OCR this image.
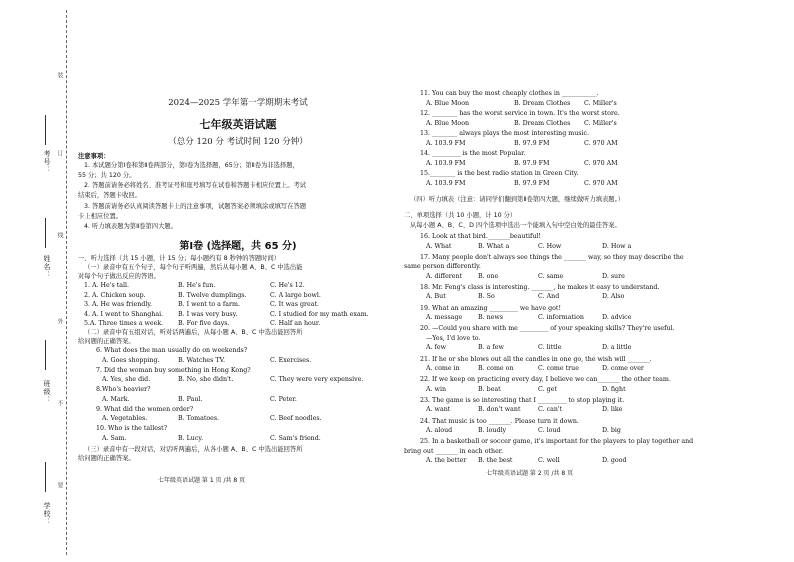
考号：
姓名：
班级：
学校：
装
订
线
外
不
要
2024—2025 学年第一学期期末考试
七年级英语试题
（总分 120 分 考试时间 120 分钟）
注意事项：
1. 本试题分第Ⅰ卷和第Ⅱ卷两部分，第Ⅰ卷为选择题，65分；第Ⅱ卷为非选择题，
55 分；共 120 分。
2. 答题前请务必将姓名、准考证号和座号填写在试卷和答题卡相应位置上。考试
结束后，答题卡收回。
3. 答题前请务必认真阅读答题卡上的注意事项，试题答案必须填涂或填写在答题
卡上相应位置。
4. 听力填表题为第Ⅱ卷第四大题。
第Ⅰ卷 (选择题，共 65 分)
一、听力选择（共 15 小题，计 15 分；每小题约有 8 秒钟的答题时间）
（一）录音中有五个句子，每个句子听两遍，然后从每小题 A、B、C 中选出能
对每个句子做出反应的答语。
1. A. He's tall.	B. He's fun.	C. He's 12.
2. A. Chicken soup.	B. Twelve dumplings.	C. A large bowl.
3. A. He was friendly.	B. I went to a farm.	C. It was great.
4. A. I went to Shanghai. B. I was very busy.	C. I studied for my math exam.
5.A. Three times a week. B. For five days.	C. Half an hour.
（二）录音中有五组对话，听对话两遍后，从每小题 A、B、C 中选出能回答所
给问题的正确答案。
6. What does the man usually do on weekends?
A. Goes shopping.	B. Watches TV.	C. Exercises.
7. Did the woman buy something in Hong Kong?
A. Yes, she did.	B. No, she didn't.	C. They were very expensive.
8.Who's heavier?
A. Mark.	B. Paul.	C. Peter.
9. What did the women order?
A. Vegetables.	B. Tomatoes.	C. Beef noodles.
10. Who is the tallest?
A. Sam.	B. Lucy.	C. Sam's friend.
（三）录音中有一段对话，对话听两遍后，从各小题 A、B、C 中选出能回答所
给问题的正确答案。
七年级英语试题 第 1 页 /共 8 页
11. You can buy the most cheaply clothes in ___________.
A. Blue Moon	B. Dream Clothes C. Miller's
12. ________ has the worst service in town. It's the worst store.
A. Blue Moon	B. Dream Clothes C. Miller's
13. ________ always plays the most interesting music.
A. 103.9 FM	B. 97.9 FM	C. 970 AM
14. _________ is the most Popular.
A. 103.9 FM	B. 97.9 FM	C. 970 AM
15.________ is the best radio station in Green City.
A. 103.9 FM	B. 97.9 FM	C. 970 AM
（四）听力填表（注意：请同学们翻到第Ⅱ卷第四大题，继续做听力填表题。）
二、单项选择（共 10 小题，计 10 分）
从每小题 A、B、C、D 四个选项中选出一个能填入句中空白处的最佳答案。
16. Look at that bird._______beautiful!
A. What	B. What a	C. How	D. How a
17. Many people don't always see things the _______ way, so they may describe the
same person differently.
A. different	B. one	C. same	D. sure
18. Mr. Feng's class is interesting. _______, he makes it easy to understand.
A. But	B. So	C. And	D. Also
19. What an amazing _________ we have got!
A. message	B. news	C. information	D. advice
20. —Could you share with me _________ of your speaking skills? They're useful.
—Yes, I'd love to.
A. few	B. a few	C. little	D. a little
21. If he or she blows out all the candles in one go, the wish will _______.
A. come in	B. come on	C. come true	D. come over
22. If we keep on practicing every day, I believe we can_______ the other team.
A. win	B. beat	C. get	D. fight
23. The game is so interesting that I _________ to stop playing it.
A. want	B. don't want	C. can't	D. like
24. That music is too _______. Please turn it down.
A. aloud	B. loudly	C. loud	D. big
25. In a basketball or soccer game, it's important for the players to play together and
bring out _______ in each other.
A. the better B. the best	C. well	D. good
七年级英语试题 第 2 页 /共 8 页
